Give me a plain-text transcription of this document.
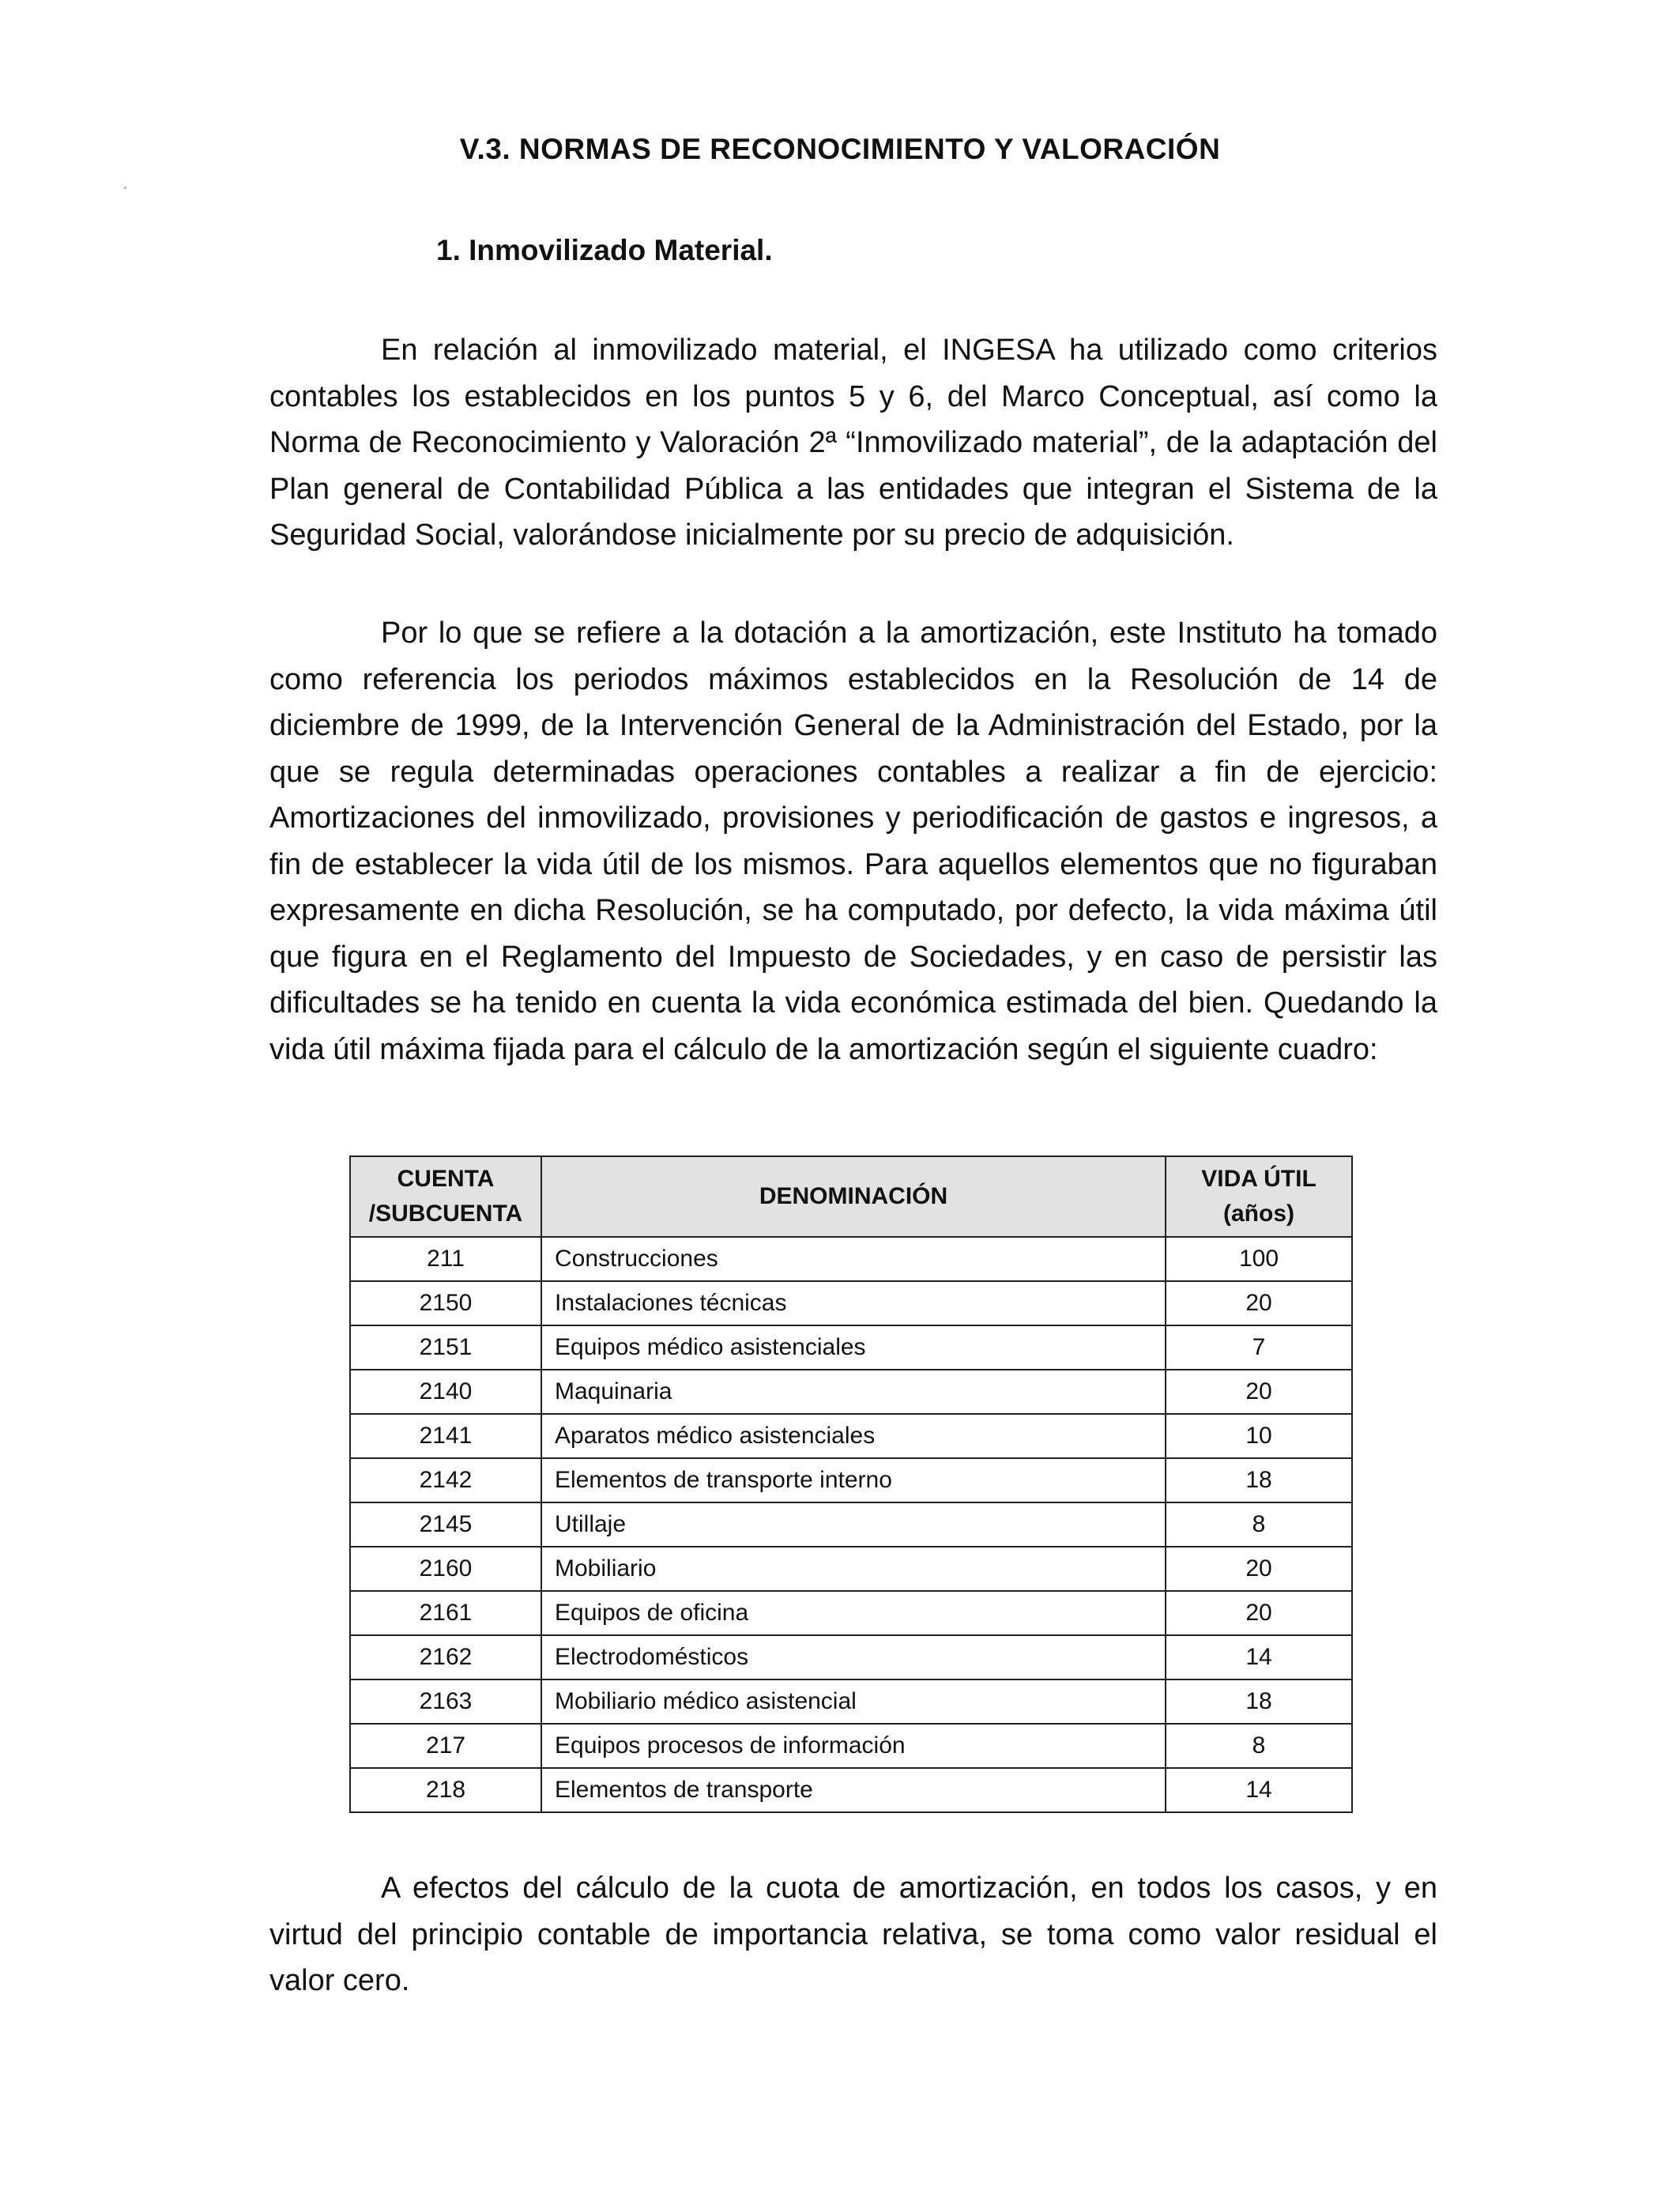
V.3. NORMAS DE RECONOCIMIENTO Y VALORACIÓN
1. Inmovilizado Material.

En relación al inmovilizado material, el INGESA ha utilizado como criterios contables los establecidos en los puntos 5 y 6, del Marco Conceptual, así como la Norma de Reconocimiento y Valoración 2ª “Inmovilizado material”, de la adaptación del Plan general de Contabilidad Pública a las entidades que integran el Sistema de la Seguridad Social, valorándose inicialmente por su precio de adquisición.

Por lo que se refiere a la dotación a la amortización, este Instituto ha tomado como referencia los periodos máximos establecidos en la Resolución de 14 de diciembre de 1999, de la Intervención General de la Administración del Estado, por la que se regula determinadas operaciones contables a realizar a fin de ejercicio: Amortizaciones del inmovilizado, provisiones y periodificación de gastos e ingresos, a fin de establecer la vida útil de los mismos. Para aquellos elementos que no figuraban expresamente en dicha Resolución, se ha computado, por defecto, la vida máxima útil que figura en el Reglamento del Impuesto de Sociedades, y en caso de persistir las dificultades se ha tenido en cuenta la vida económica estimada del bien. Quedando la vida útil máxima fijada para el cálculo de la amortización según el siguiente cuadro:

CUENTA /SUBCUENTA	DENOMINACIÓN	VIDA ÚTIL (años)
211	Construcciones	100
2150	Instalaciones técnicas	20
2151	Equipos médico asistenciales	7
2140	Maquinaria	20
2141	Aparatos médico asistenciales	10
2142	Elementos de transporte interno	18
2145	Utillaje	8
2160	Mobiliario	20
2161	Equipos de oficina	20
2162	Electrodomésticos	14
2163	Mobiliario médico asistencial	18
217	Equipos procesos de información	8
218	Elementos de transporte	14

A efectos del cálculo de la cuota de amortización, en todos los casos, y en virtud del principio contable de importancia relativa, se toma como valor residual el valor cero.
